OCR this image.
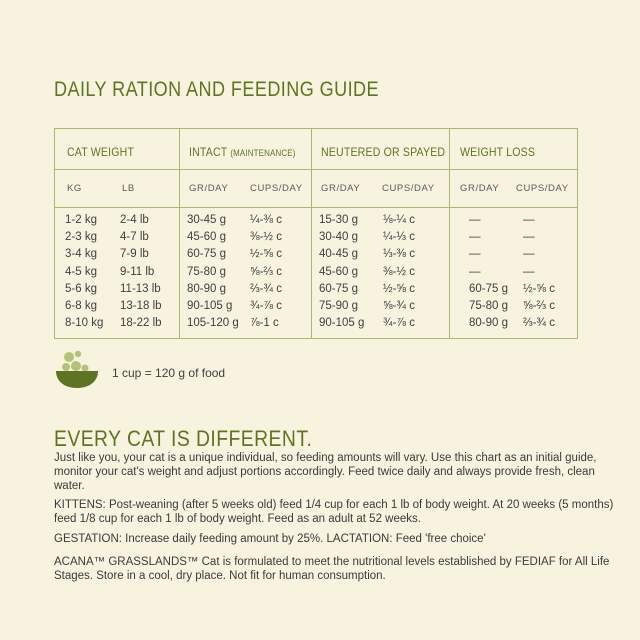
DAILY RATION AND FEEDING GUIDE
CAT WEIGHT	INTACT (MAINTENANCE) NEUTERED OR SPAYED WEIGHT LOSS
KG	LB	GR/DAY CUPS/DAY GR/DAY CUPS/DAY	GR/DAY CUPS/DAY
1-2 kg 2-4 lb	30-45 g ¼-⅜ c	15-30 g ⅛-¼ c	—	—
2-3 kg 4-7 lb	45-60 g ⅜-½ c	30-40 g ¼-⅓ c	—	—
3-4 kg 7-9 lb	60-75 g ½-⅝ c	40-45 g ⅓-⅜ c	—	—
4-5 kg 9-11 lb	75-80 g ⅝-⅔ c	45-60 g ⅜-½ c	—	—
5-6 kg 11-13 lb 80-90 g ⅔-¾ c	60-75 g ½-⅝ c	60-75 g ½-⅝ c
6-8 kg 13-18 lb 90-105 g ¾-⅞ c	75-90 g ⅝-¾ c	75-80 g ⅝-⅔ c
8-10 kg 18-22 lb 105-120 g ⅞-1 c	90-105 g ¾-⅞ c	80-90 g ⅔-¾ c
1 cup = 120 g of food
EVERY CAT IS DIFFERENT.
Just like you, your cat is a unique individual, so feeding amounts will vary. Use this chart as an initial guide, monitor your cat's weight and adjust portions accordingly. Feed twice daily and always provide fresh, clean water.
KITTENS: Post-weaning (after 5 weeks old) feed 1/4 cup for each 1 lb of body weight. At 20 weeks (5 months) feed 1/8 cup for each 1 lb of body weight. Feed as an adult at 52 weeks.
GESTATION: Increase daily feeding amount by 25%. LACTATION: Feed 'free choice'
ACANA™ GRASSLANDS™ Cat is formulated to meet the nutritional levels established by FEDIAF for All Life Stages. Store in a cool, dry place. Not fit for human consumption.
